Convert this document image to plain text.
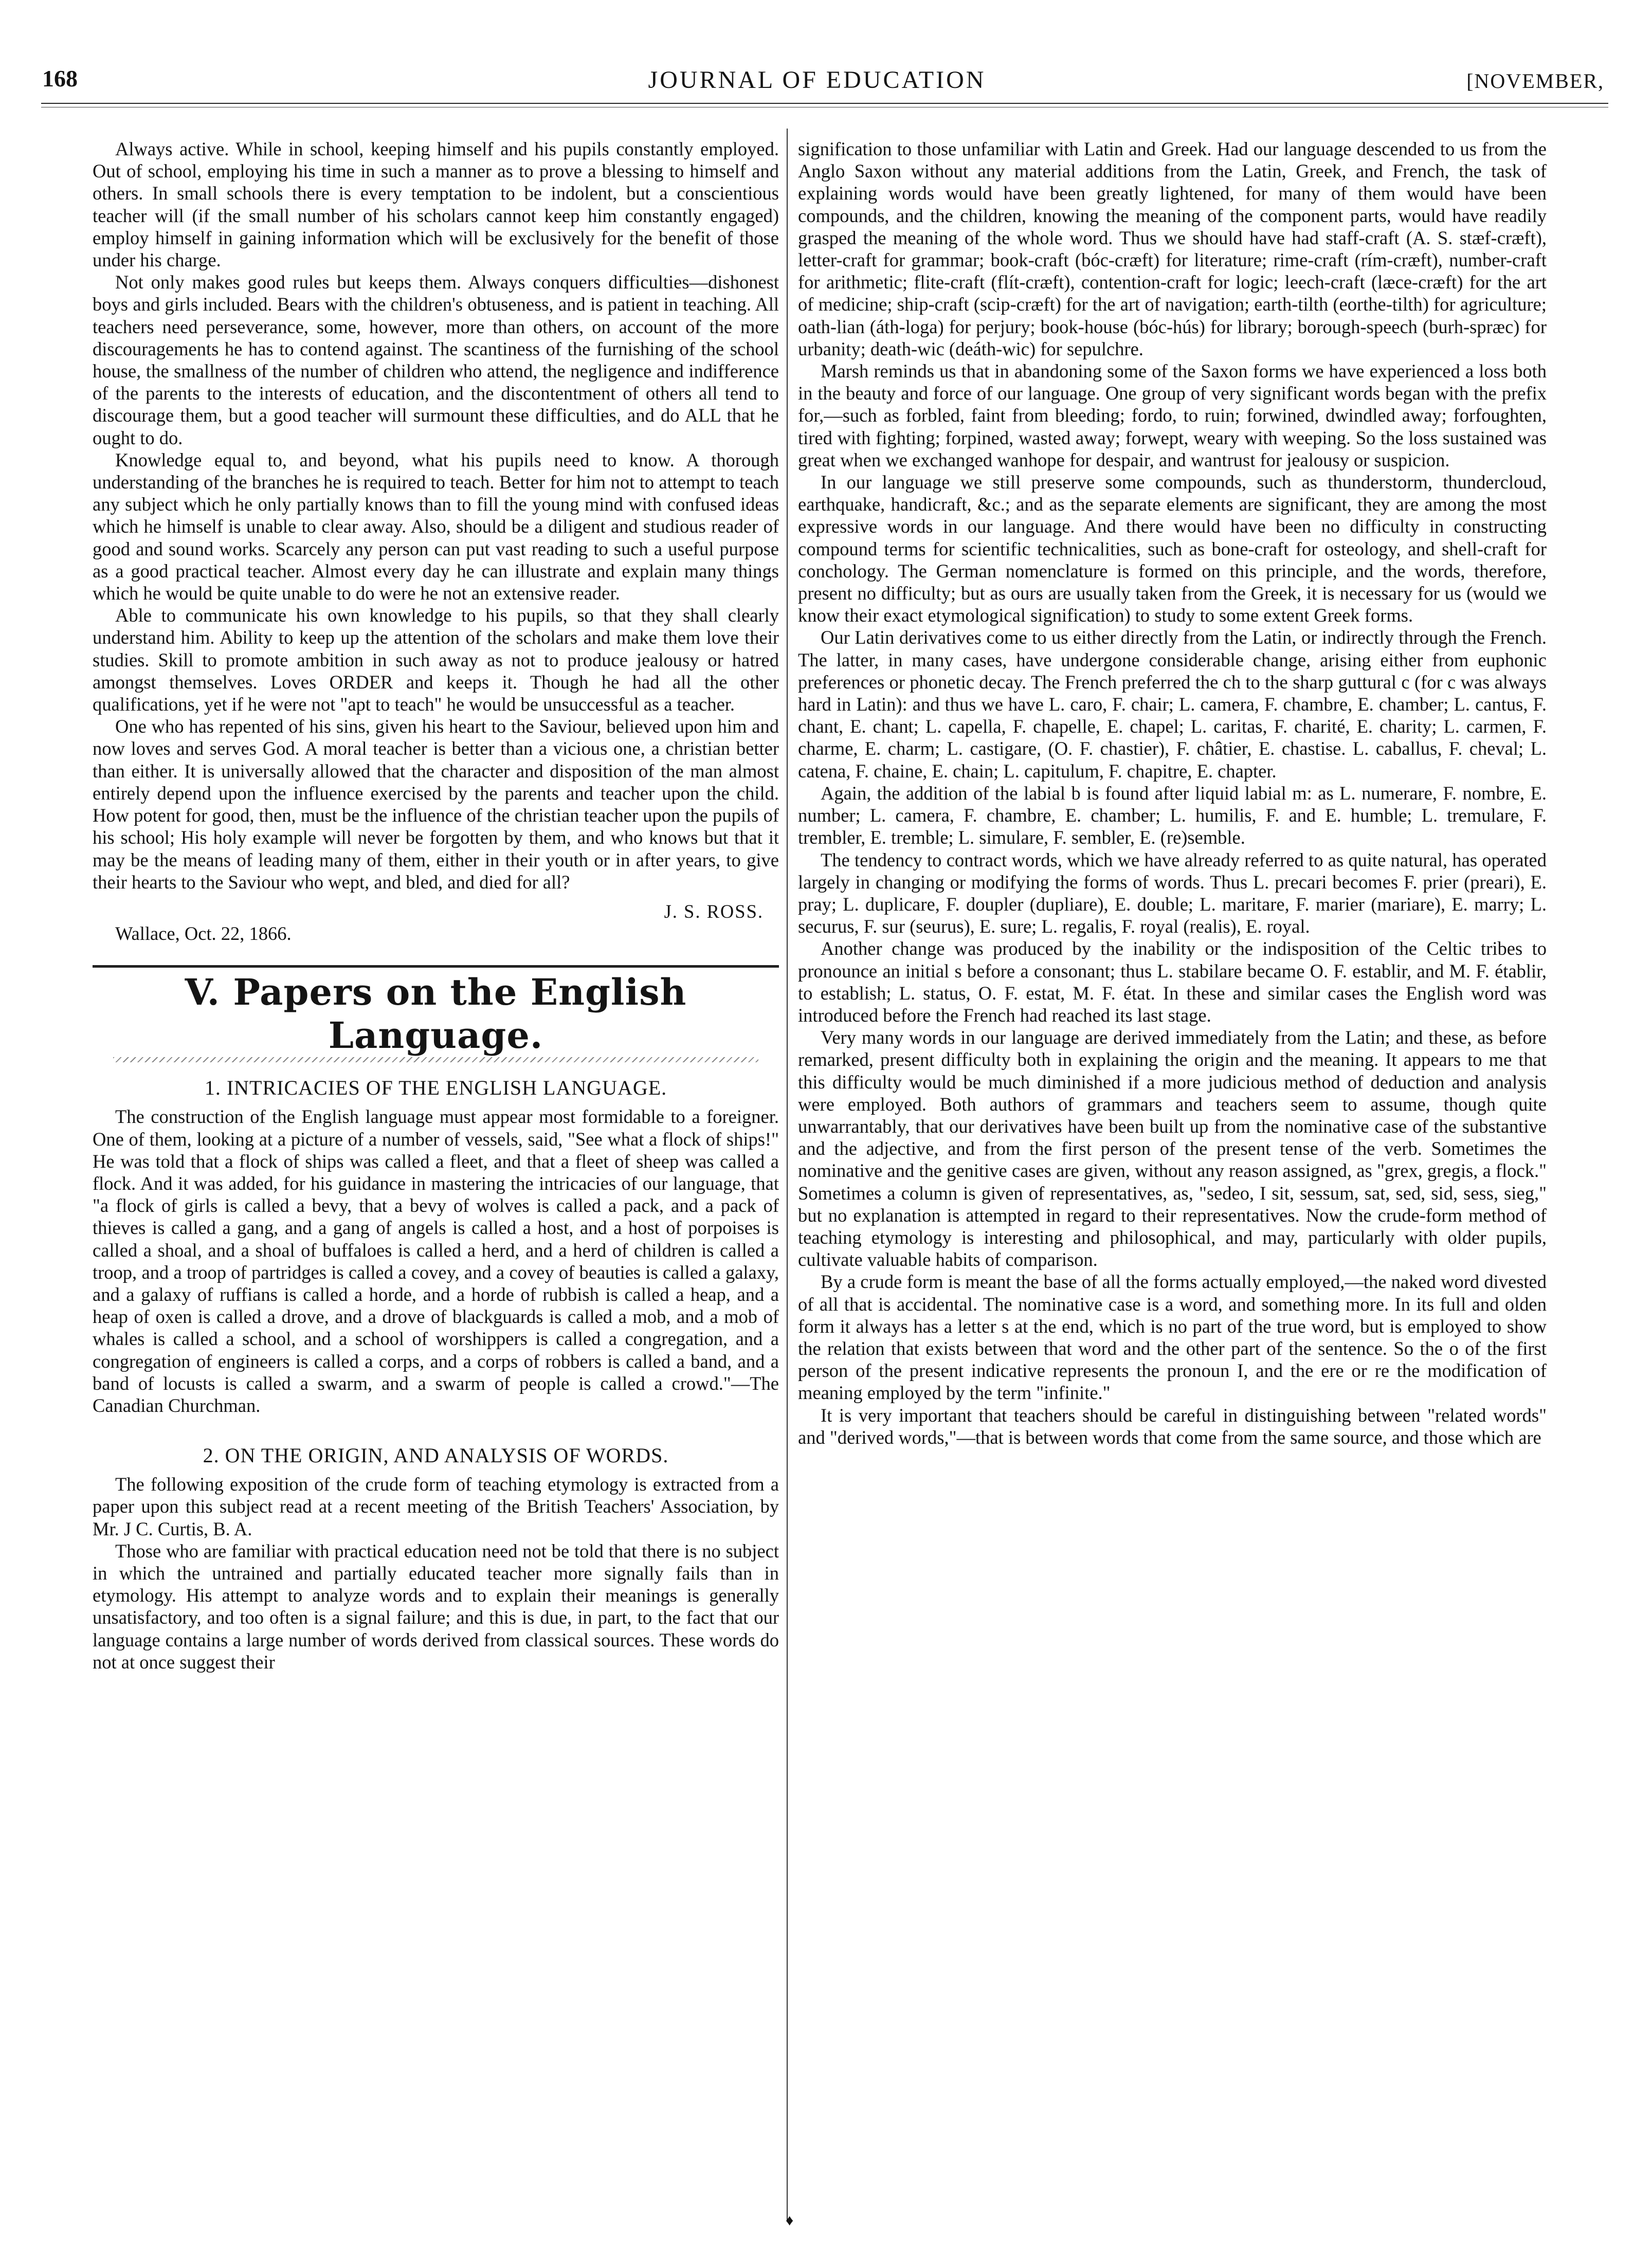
168	JOURNAL OF EDUCATION	[NOVEMBER,

Always active. While in school, keeping himself and his pupils constantly employed. Out of school, employing his time in such a manner as to prove a blessing to himself and others. In small schools there is every temptation to be indolent, but a conscientious teacher will (if the small number of his scholars cannot keep him constantly engaged) employ himself in gaining information which will be exclusively for the benefit of those under his charge.

Not only makes good rules but keeps them. Always conquers difficulties—dishonest boys and girls included. Bears with the children's obtuseness, and is patient in teaching. All teachers need perseverance, some, however, more than others, on account of the more discouragements he has to contend against. The scantiness of the furnishing of the school house, the smallness of the number of children who attend, the negligence and indifference of the parents to the interests of education, and the discontentment of others all tend to discourage them, but a good teacher will surmount these difficulties, and do ALL that he ought to do.

Knowledge equal to, and beyond, what his pupils need to know. A thorough understanding of the branches he is required to teach. Better for him not to attempt to teach any subject which he only partially knows than to fill the young mind with confused ideas which he himself is unable to clear away. Also, should be a diligent and studious reader of good and sound works. Scarcely any person can put vast reading to such a useful purpose as a good practical teacher. Almost every day he can illustrate and explain many things which he would be quite unable to do were he not an extensive reader.

Able to communicate his own knowledge to his pupils, so that they shall clearly understand him. Ability to keep up the attention of the scholars and make them love their studies. Skill to promote ambition in such away as not to produce jealousy or hatred amongst themselves. Loves ORDER and keeps it. Though he had all the other qualifications, yet if he were not "apt to teach" he would be unsuccessful as a teacher.

One who has repented of his sins, given his heart to the Saviour, believed upon him and now loves and serves God. A moral teacher is better than a vicious one, a christian better than either. It is universally allowed that the character and disposition of the man almost entirely depend upon the influence exercised by the parents and teacher upon the child. How potent for good, then, must be the influence of the christian teacher upon the pupils of his school; His holy example will never be forgotten by them, and who knows but that it may be the means of leading many of them, either in their youth or in after years, to give their hearts to the Saviour who wept, and bled, and died for all?

J. S. ROSS.
Wallace, Oct. 22, 1866.
V. Papers on the English Language.
1. INTRICACIES OF THE ENGLISH LANGUAGE.

The construction of the English language must appear most formidable to a foreigner. One of them, looking at a picture of a number of vessels, said, "See what a flock of ships!" He was told that a flock of ships was called a fleet, and that a fleet of sheep was called a flock. And it was added, for his guidance in mastering the intricacies of our language, that "a flock of girls is called a bevy, that a bevy of wolves is called a pack, and a pack of thieves is called a gang, and a gang of angels is called a host, and a host of porpoises is called a shoal, and a shoal of buffaloes is called a herd, and a herd of children is called a troop, and a troop of partridges is called a covey, and a covey of beauties is called a galaxy, and a galaxy of ruffians is called a horde, and a horde of rubbish is called a heap, and a heap of oxen is called a drove, and a drove of blackguards is called a mob, and a mob of whales is called a school, and a school of worshippers is called a congregation, and a congregation of engineers is called a corps, and a corps of robbers is called a band, and a band of locusts is called a swarm, and a swarm of people is called a crowd."—The Canadian Churchman.

2. ON THE ORIGIN, AND ANALYSIS OF WORDS.

The following exposition of the crude form of teaching etymology is extracted from a paper upon this subject read at a recent meeting of the British Teachers' Association, by Mr. J C. Curtis, B. A.

Those who are familiar with practical education need not be told that there is no subject in which the untrained and partially educated teacher more signally fails than in etymology. His attempt to analyze words and to explain their meanings is generally unsatisfactory, and too often is a signal failure; and this is due, in part, to the fact that our language contains a large number of words derived from classical sources. These words do not at once suggest their

signification to those unfamiliar with Latin and Greek. Had our language descended to us from the Anglo Saxon without any material additions from the Latin, Greek, and French, the task of explaining words would have been greatly lightened, for many of them would have been compounds, and the children, knowing the meaning of the component parts, would have readily grasped the meaning of the whole word. Thus we should have had staff-craft (A. S. stæf-cræft), letter-craft for grammar; book-craft (bóc-cræft) for literature; rime-craft (rím-cræft), number-craft for arithmetic; flite-craft (flít-cræft), contention-craft for logic; leech-craft (læce-cræft) for the art of medicine; ship-craft (scip-cræft) for the art of navigation; earth-tilth (eorthe-tilth) for agriculture; oath-lian (áth-loga) for perjury; book-house (bóc-hús) for library; borough-speech (burh-spræc) for urbanity; death-wic (deáth-wic) for sepulchre.

Marsh reminds us that in abandoning some of the Saxon forms we have experienced a loss both in the beauty and force of our language. One group of very significant words began with the prefix for,—such as forbled, faint from bleeding; fordo, to ruin; forwined, dwindled away; forfoughten, tired with fighting; forpined, wasted away; forwept, weary with weeping. So the loss sustained was great when we exchanged wanhope for despair, and wantrust for jealousy or suspicion.

In our language we still preserve some compounds, such as thunderstorm, thundercloud, earthquake, handicraft, &c.; and as the separate elements are significant, they are among the most expressive words in our language. And there would have been no difficulty in constructing compound terms for scientific technicalities, such as bone-craft for osteology, and shell-craft for conchology. The German nomenclature is formed on this principle, and the words, therefore, present no difficulty; but as ours are usually taken from the Greek, it is necessary for us (would we know their exact etymological signification) to study to some extent Greek forms.

Our Latin derivatives come to us either directly from the Latin, or indirectly through the French. The latter, in many cases, have undergone considerable change, arising either from euphonic preferences or phonetic decay. The French preferred the ch to the sharp guttural c (for c was always hard in Latin): and thus we have L. caro, F. chair; L. camera, F. chambre, E. chamber; L. cantus, F. chant, E. chant; L. capella, F. chapelle, E. chapel; L. caritas, F. charité, E. charity; L. carmen, F. charme, E. charm; L. castigare, (O. F. chastier), F. châtier, E. chastise. L. caballus, F. cheval; L. catena, F. chaine, E. chain; L. capitulum, F. chapitre, E. chapter.

Again, the addition of the labial b is found after liquid labial m: as L. numerare, F. nombre, E. number; L. camera, F. chambre, E. chamber; L. humilis, F. and E. humble; L. tremulare, F. trembler, E. tremble; L. simulare, F. sembler, E. (re)semble.

The tendency to contract words, which we have already referred to as quite natural, has operated largely in changing or modifying the forms of words. Thus L. precari becomes F. prier (preari), E. pray; L. duplicare, F. doupler (dupliare), E. double; L. maritare, F. marier (mariare), E. marry; L. securus, F. sur (seurus), E. sure; L. regalis, F. royal (realis), E. royal.

Another change was produced by the inability or the indisposition of the Celtic tribes to pronounce an initial s before a consonant; thus L. stabilare became O. F. establir, and M. F. établir, to establish; L. status, O. F. estat, M. F. état. In these and similar cases the English word was introduced before the French had reached its last stage.

Very many words in our language are derived immediately from the Latin; and these, as before remarked, present difficulty both in explaining the origin and the meaning. It appears to me that this difficulty would be much diminished if a more judicious method of deduction and analysis were employed. Both authors of grammars and teachers seem to assume, though quite unwarrantably, that our derivatives have been built up from the nominative case of the substantive and the adjective, and from the first person of the present tense of the verb. Sometimes the nominative and the genitive cases are given, without any reason assigned, as "grex, gregis, a flock." Sometimes a column is given of representatives, as, "sedeo, I sit, sessum, sat, sed, sid, sess, sieg," but no explanation is attempted in regard to their representatives. Now the crude-form method of teaching etymology is interesting and philosophical, and may, particularly with older pupils, cultivate valuable habits of comparison.

By a crude form is meant the base of all the forms actually employed,—the naked word divested of all that is accidental. The nominative case is a word, and something more. In its full and olden form it always has a letter s at the end, which is no part of the true word, but is employed to show the relation that exists between that word and the other part of the sentence. So the o of the first person of the present indicative represents the pronoun I, and the ere or re the modification of meaning employed by the term "infinite."

It is very important that teachers should be careful in distinguishing between "related words" and "derived words,"—that is between words that come from the same source, and those which are

♦
